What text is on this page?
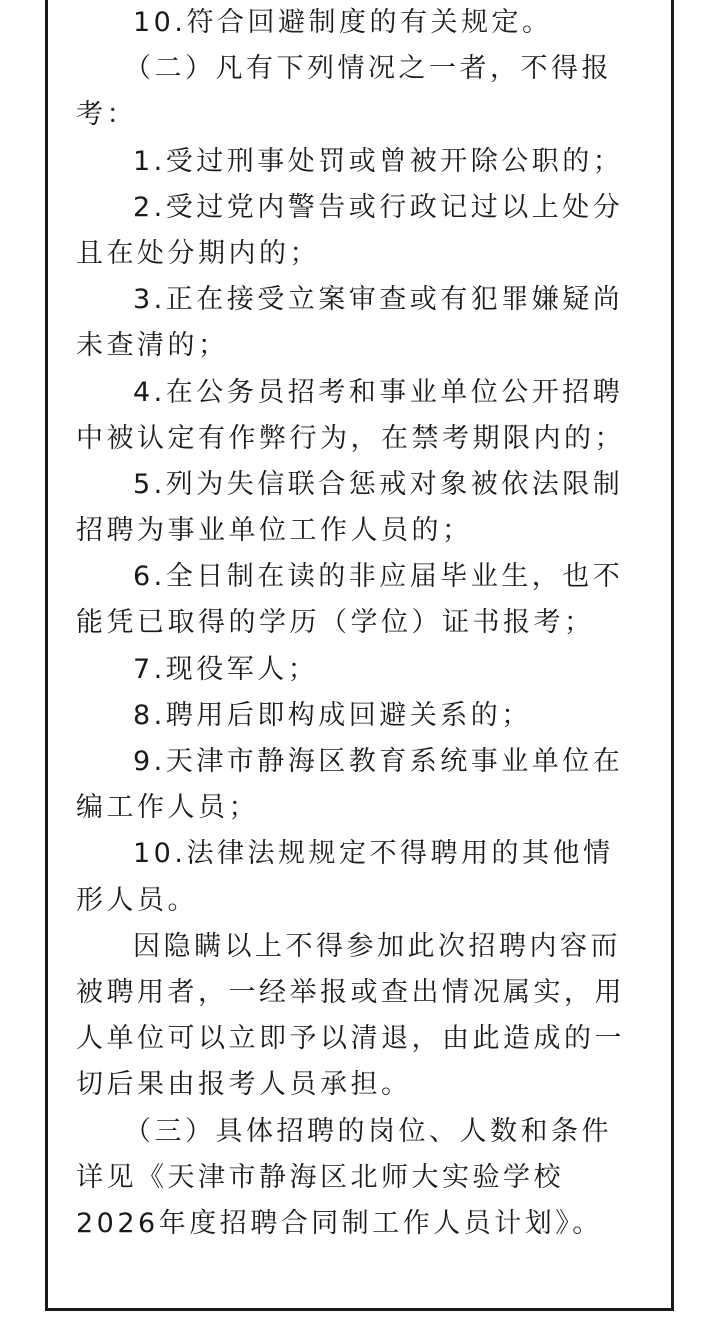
10.符合回避制度的有关规定。
（二）凡有下列情况之一者，不得报
考：
1.受过刑事处罚或曾被开除公职的；
2.受过党内警告或行政记过以上处分
且在处分期内的；
3.正在接受立案审查或有犯罪嫌疑尚
未查清的；
4.在公务员招考和事业单位公开招聘
中被认定有作弊行为，在禁考期限内的；
5.列为失信联合惩戒对象被依法限制
招聘为事业单位工作人员的；
6.全日制在读的非应届毕业生，也不
能凭已取得的学历（学位）证书报考；
7.现役军人；
8.聘用后即构成回避关系的；
9.天津市静海区教育系统事业单位在
编工作人员；
10.法律法规规定不得聘用的其他情
形人员。
因隐瞒以上不得参加此次招聘内容而
被聘用者，一经举报或查出情况属实，用
人单位可以立即予以清退，由此造成的一
切后果由报考人员承担。
（三）具体招聘的岗位、人数和条件
详见《天津市静海区北师大实验学校
2026年度招聘合同制工作人员计划》。
